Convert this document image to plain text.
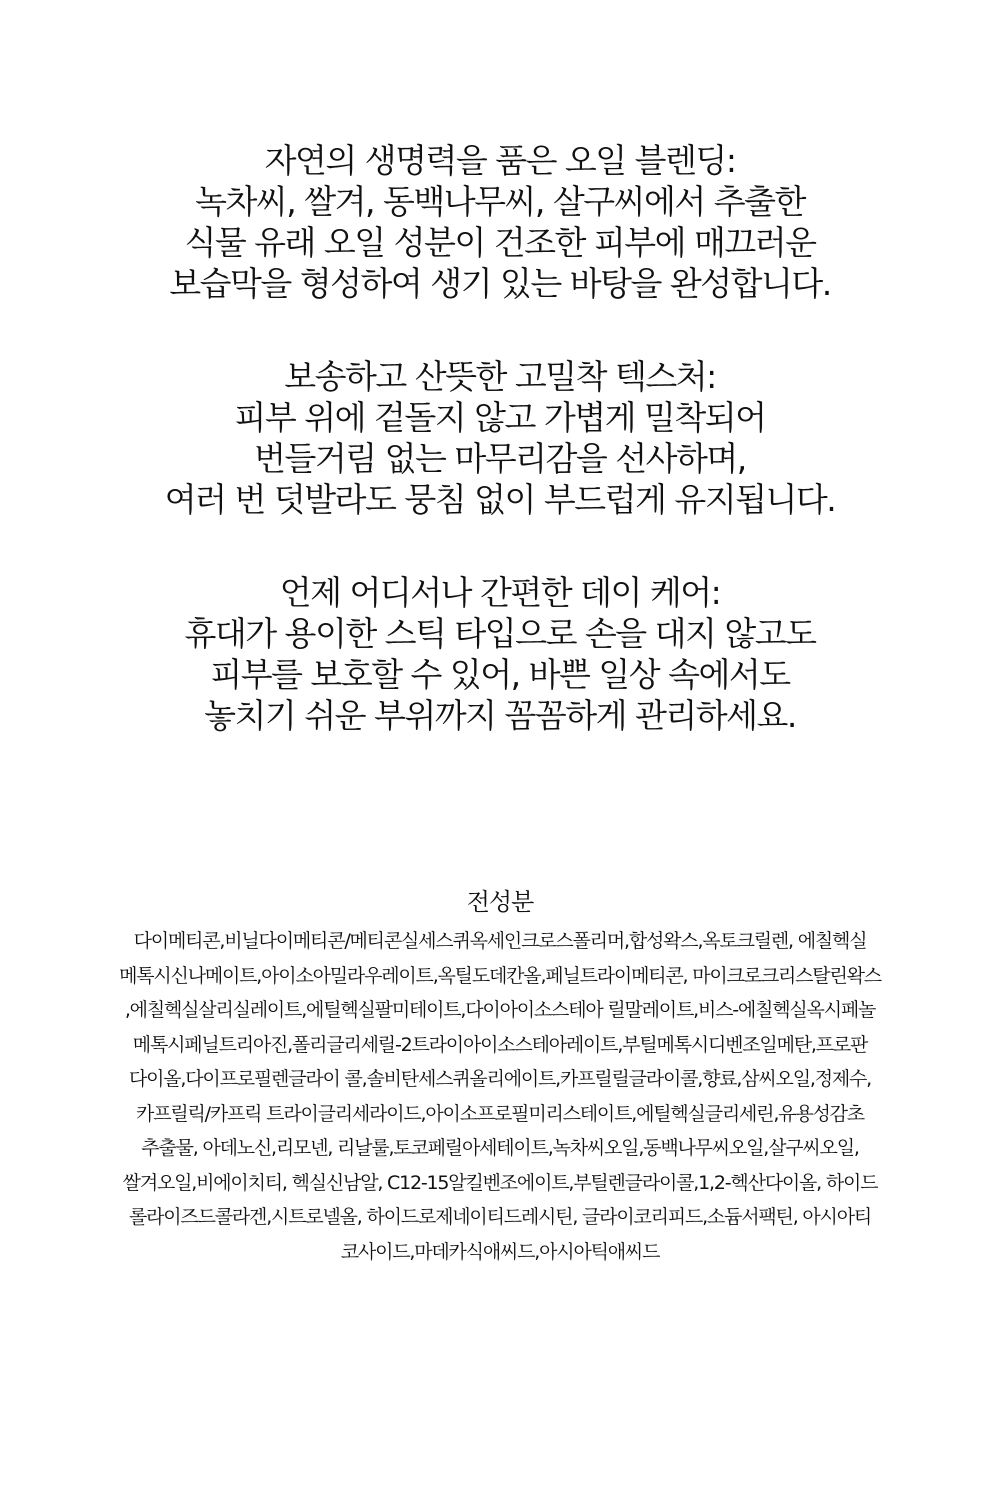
자연의 생명력을 품은 오일 블렌딩:
녹차씨, 쌀겨, 동백나무씨, 살구씨에서 추출한
식물 유래 오일 성분이 건조한 피부에 매끄러운
보습막을 형성하여 생기 있는 바탕을 완성합니다.
보송하고 산뜻한 고밀착 텍스처:
피부 위에 겉돌지 않고 가볍게 밀착되어
번들거림 없는 마무리감을 선사하며,
여러 번 덧발라도 뭉침 없이 부드럽게 유지됩니다.
언제 어디서나 간편한 데이 케어:
휴대가 용이한 스틱 타입으로 손을 대지 않고도
피부를 보호할 수 있어, 바쁜 일상 속에서도
놓치기 쉬운 부위까지 꼼꼼하게 관리하세요.
전성분
다이메티콘,비닐다이메티콘/메티콘실세스퀴옥세인크로스폴리머,합성왁스,옥토크릴렌, 에칠헥실
메톡시신나메이트,아이소아밀라우레이트,옥틸도데칸올,페닐트라이메티콘, 마이크로크리스탈린왁스
,에칠헥실살리실레이트,에틸헥실팔미테이트,다이아이소스테아 릴말레이트,비스-에칠헥실옥시페놀
메톡시페닐트리아진,폴리글리세릴-2트라이아이소스테아레이트,부틸메톡시디벤조일메탄,프로판
다이올,다이프로필렌글라이 콜,솔비탄세스퀴올리에이트,카프릴릴글라이콜,향료,삼씨오일,정제수,
카프릴릭/카프릭 트라이글리세라이드,아이소프로필미리스테이트,에틸헥실글리세린,유용성감초
추출물, 아데노신,리모넨, 리날룰,토코페릴아세테이트,녹차씨오일,동백나무씨오일,살구씨오일,
쌀겨오일,비에이치티, 헥실신남알, C12-15알킬벤조에이트,부틸렌글라이콜,1,2-헥산다이올, 하이드
롤라이즈드콜라겐,시트로넬올, 하이드로제네이티드레시틴, 글라이코리피드,소듐서팩틴, 아시아티
코사이드,마데카식애씨드,아시아틱애씨드
